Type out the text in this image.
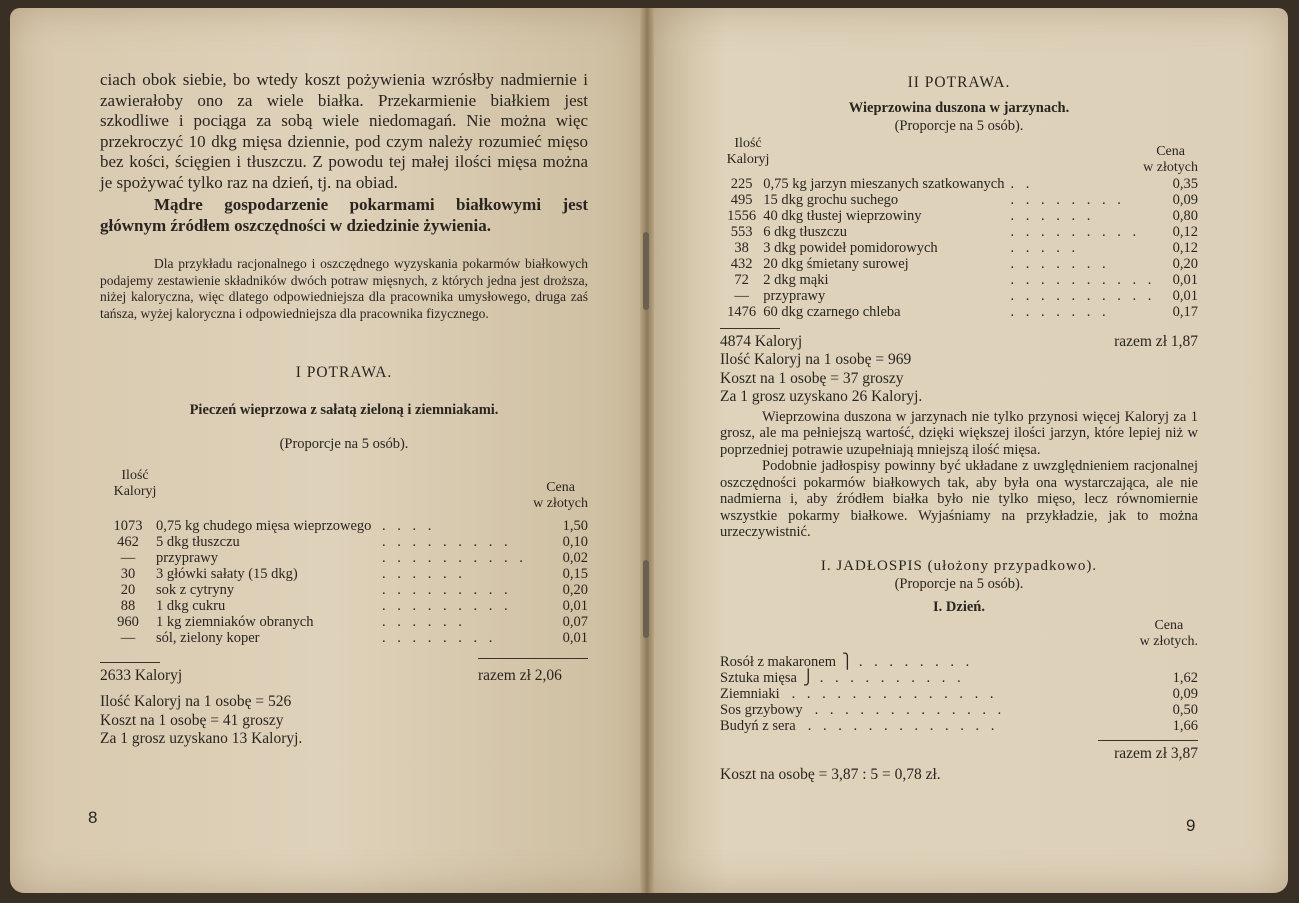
ciach obok siebie, bo wtedy koszt pożywienia wzrósłby nadmiernie i zawierałoby ono za wiele białka. Przekarmienie białkiem jest szkodliwe i pociąga za sobą wiele niedomagań. Nie można więc przekroczyć 10 dkg mięsa dziennie, pod czym należy rozumieć mięso bez kości, ścięgien i tłuszczu. Z powodu tej małej ilości mięsa można je spożywać tylko raz na dzień, tj. na obiad.

Mądre gospodarzenie pokarmami białkowymi jest głównym źródłem oszczędności w dziedzinie żywienia.

Dla przykładu racjonalnego i oszczędnego wyzyskania pokarmów białkowych podajemy zestawienie składników dwóch potraw mięsnych, z których jedna jest droższa, niżej kaloryczna, więc dlatego odpowiedniejsza dla pracownika umysłowego, druga zaś tańsza, wyżej kaloryczna i odpowiedniejsza dla pracownika fizycznego.

I POTRAWA.
Pieczeń wieprzowa z sałatą zieloną i ziemniakami.
(Proporcje na 5 osób).
Ilość
Kaloryj	Cena
w złotych
1073	0,75 kg chudego mięsa wieprzowego	. . . .	1,50
462	5 dkg tłuszczu	. . . . . . . . .	0,10
—	przyprawy	. . . . . . . . . .	0,02
30	3 główki sałaty (15 dkg)	. . . . . .	0,15
20	sok z cytryny	. . . . . . . . .	0,20
88	1 dkg cukru	. . . . . . . . .	0,01
960	1 kg ziemniaków obranych	. . . . . .	0,07
—	sól, zielony koper	. . . . . . . .	0,01
2633 Kaloryj	razem zł 2,06
Ilość Kaloryj na 1 osobę = 526
Koszt na 1 osobę = 41 groszy
Za 1 grosz uzyskano 13 Kaloryj.
8
II POTRAWA.
Wieprzowina duszona w jarzynach.
(Proporcje na 5 osób).
Ilość
Kaloryj
Cena
w złotych
225	0,75 kg jarzyn mieszanych szatkowanych	. .	0,35
495	15 dkg grochu suchego	. . . . . . . .	0,09
1556	40 dkg tłustej wieprzowiny	. . . . . .	0,80
553	6 dkg tłuszczu	. . . . . . . . .	0,12
38	3 dkg powideł pomidorowych	. . . . .	0,12
432	20 dkg śmietany surowej	. . . . . . .	0,20
72	2 dkg mąki	. . . . . . . . . .	0,01
—	przyprawy	. . . . . . . . . .	0,01
1476	60 dkg czarnego chleba	. . . . . . .	0,17
4874 Kaloryj	razem zł 1,87
Ilość Kaloryj na 1 osobę = 969
Koszt na 1 osobę = 37 groszy
Za 1 grosz uzyskano 26 Kaloryj.

Wieprzowina duszona w jarzynach nie tylko przynosi więcej Kaloryj za 1 grosz, ale ma pełniejszą wartość, dzięki większej ilości jarzyn, które lepiej niż w poprzedniej potrawie uzupełniają mniejszą ilość mięsa.

Podobnie jadłospisy powinny być układane z uwzględnieniem racjonalnej oszczędności pokarmów białkowych tak, aby była ona wystarczająca, ale nie nadmierna i, aby źródłem białka było nie tylko mięso, lecz równomiernie wszystkie pokarmy białkowe. Wyjaśniamy na przykładzie, jak to można urzeczywistnić.

I. JADŁOSPIS (ułożony przypadkowo).
(Proporcje na 5 osób).
I. Dzień.
Cena
w złotych.
Rosół z makaronem ⎫ . . . . . . . .
Sztuka mięsa ⎭ . . . . . . . . . .	1,62
Ziemniaki . . . . . . . . . . . . . .	0,09
Sos grzybowy . . . . . . . . . . . . .	0,50
Budyń z sera . . . . . . . . . . . . .	1,66
razem zł 3,87
Koszt na osobę = 3,87 : 5 = 0,78 zł.
9
